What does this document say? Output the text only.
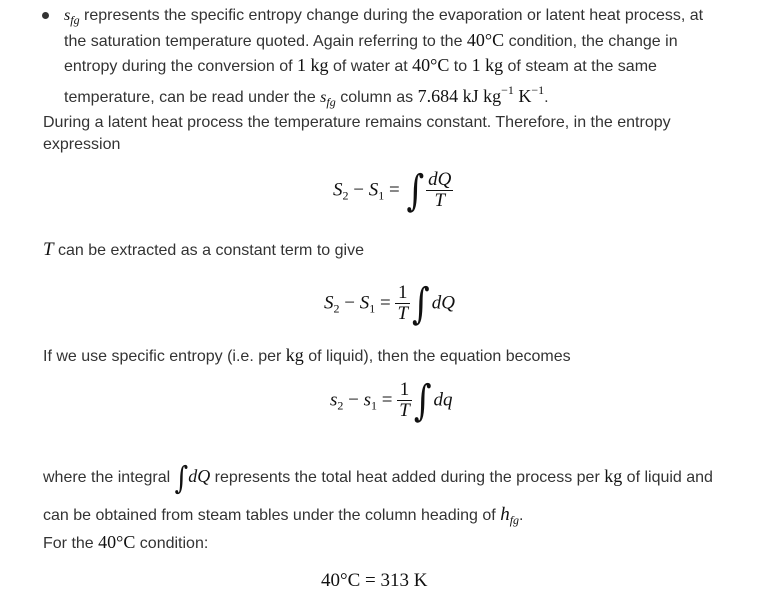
$s_{fg}$ represents the specific entropy change during the evaporation or latent heat process, at
the saturation temperature quoted. Again referring to the 40°C condition, the change in
entropy during the conversion of 1 kg of water at 40°C to 1 kg of steam at the same
temperature, can be read under the $s_{fg}$ column as 7.684 kJ $kg^{-1}$ $K^{-1}$.
During a latent heat process the temperature remains constant. Therefore, in the entropy
expression
$S_2 - S_1$ = ∫ $\frac{dQ}{T}$
T can be extracted as a constant term to give
$S_2 - S_1 = \frac{1}{T}$ ∫ dQ
If we use specific entropy (i.e. per kg of liquid), then the equation becomes
$s_2 - s_1 = \frac{1}{T}$ ∫ dq
where the integral ∫dQ represents the total heat added during the process per kg of liquid and
can be obtained from steam tables under the column heading of $h_{fg}$.
For the 40°C condition:
40°C = 313 K
